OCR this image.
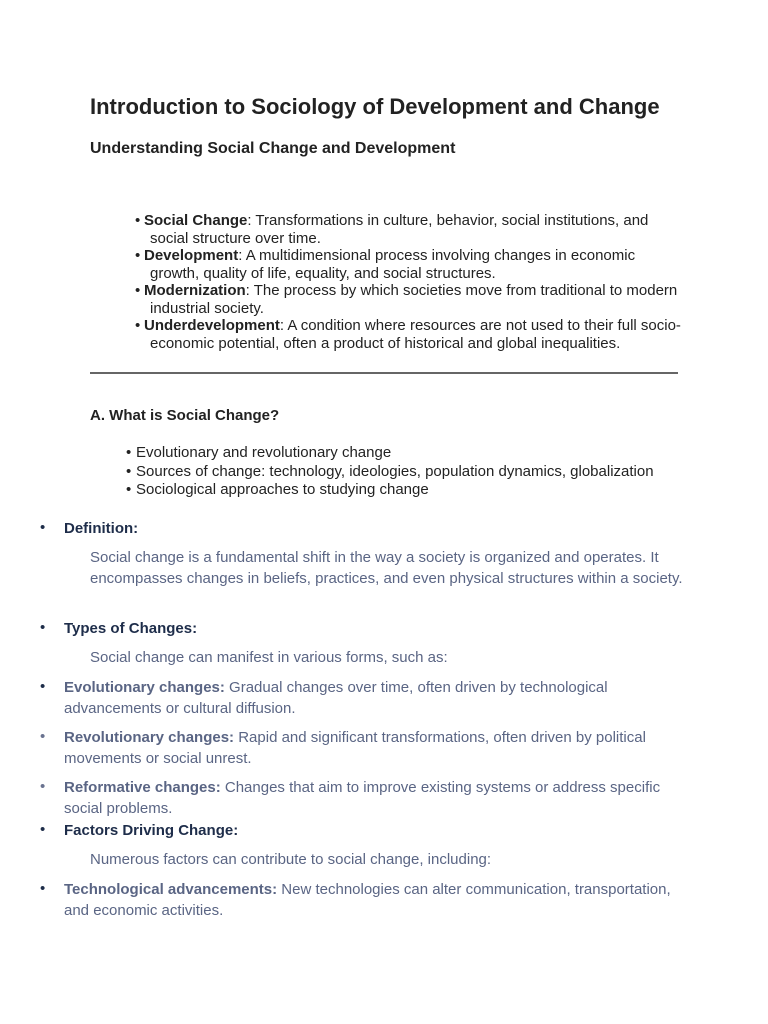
Introduction to Sociology of Development and Change
Understanding Social Change and Development
• Social Change: Transformations in culture, behavior, social institutions, and social structure over time.
• Development: A multidimensional process involving changes in economic growth, quality of life, equality, and social structures.
• Modernization: The process by which societies move from traditional to modern industrial society.
• Underdevelopment: A condition where resources are not used to their full socio-economic potential, often a product of historical and global inequalities.
A. What is Social Change?
• Evolutionary and revolutionary change
• Sources of change: technology, ideologies, population dynamics, globalization
• Sociological approaches to studying change
• Definition:
Social change is a fundamental shift in the way a society is organized and operates. It encompasses changes in beliefs, practices, and even physical structures within a society.
• Types of Changes:
Social change can manifest in various forms, such as:
• Evolutionary changes: Gradual changes over time, often driven by technological advancements or cultural diffusion.
• Revolutionary changes: Rapid and significant transformations, often driven by political movements or social unrest.
• Reformative changes: Changes that aim to improve existing systems or address specific social problems.
• Factors Driving Change:
Numerous factors can contribute to social change, including:
• Technological advancements: New technologies can alter communication, transportation, and economic activities.
